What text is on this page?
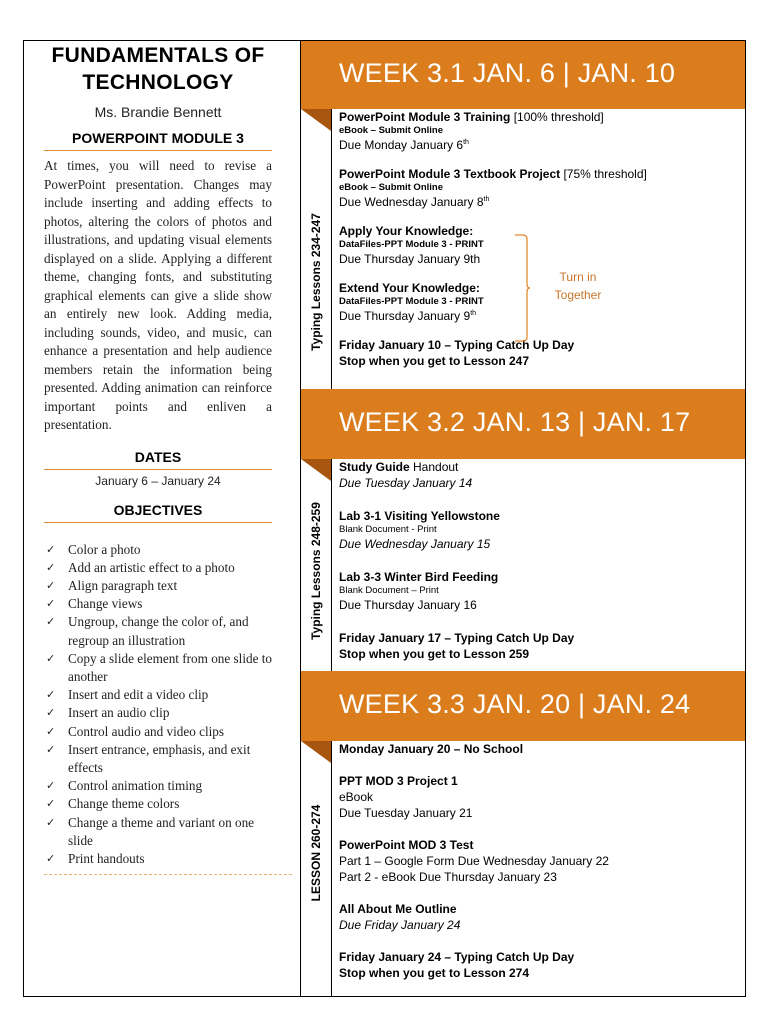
FUNDAMENTALS OF
TECHNOLOGY
Ms. Brandie Bennett
POWERPOINT MODULE 3
At times, you will need to revise a PowerPoint presentation. Changes may include inserting and adding effects to photos, altering the colors of photos and illustrations, and updating visual elements displayed on a slide. Applying a different theme, changing fonts, and substituting graphical elements can give a slide show an entirely new look. Adding media, including sounds, video, and music, can enhance a presentation and help audience members retain the information being presented. Adding animation can reinforce important points and enliven a presentation.
DATES
January 6 – January 24
OBJECTIVES
✓ Color a photo
✓ Add an artistic effect to a photo
✓ Align paragraph text
✓ Change views
✓ Ungroup, change the color of, and regroup an illustration
✓ Copy a slide element from one slide to another
✓ Insert and edit a video clip
✓ Insert an audio clip
✓ Control audio and video clips
✓ Insert entrance, emphasis, and exit effects
✓ Control animation timing
✓ Change theme colors
✓ Change a theme and variant on one slide
✓ Print handouts
WEEK 3.1 JAN. 6 | JAN. 10
Typing Lessons 234-247
PowerPoint Module 3 Training [100% threshold]
eBook – Submit Online
Due Monday January 6th
PowerPoint Module 3 Textbook Project [75% threshold]
eBook – Submit Online
Due Wednesday January 8th
Apply Your Knowledge:
DataFiles-PPT Module 3 - PRINT
Due Thursday January 9th
Extend Your Knowledge:
DataFiles-PPT Module 3 - PRINT
Due Thursday January 9th
Friday January 10 – Typing Catch Up Day
Stop when you get to Lesson 247
Turn in
Together
WEEK 3.2 JAN. 13 | JAN. 17
Typing Lessons 248-259
Study Guide Handout
Due Tuesday January 14
Lab 3-1 Visiting Yellowstone
Blank Document - Print
Due Wednesday January 15
Lab 3-3 Winter Bird Feeding
Blank Document – Print
Due Thursday January 16
Friday January 17 – Typing Catch Up Day
Stop when you get to Lesson 259
WEEK 3.3 JAN. 20 | JAN. 24
LESSON 260-274
Monday January 20 – No School
PPT MOD 3 Project 1
eBook
Due Tuesday January 21
PowerPoint MOD 3 Test
Part 1 – Google Form Due Wednesday January 22
Part 2 - eBook Due Thursday January 23
All About Me Outline
Due Friday January 24
Friday January 24 – Typing Catch Up Day
Stop when you get to Lesson 274
